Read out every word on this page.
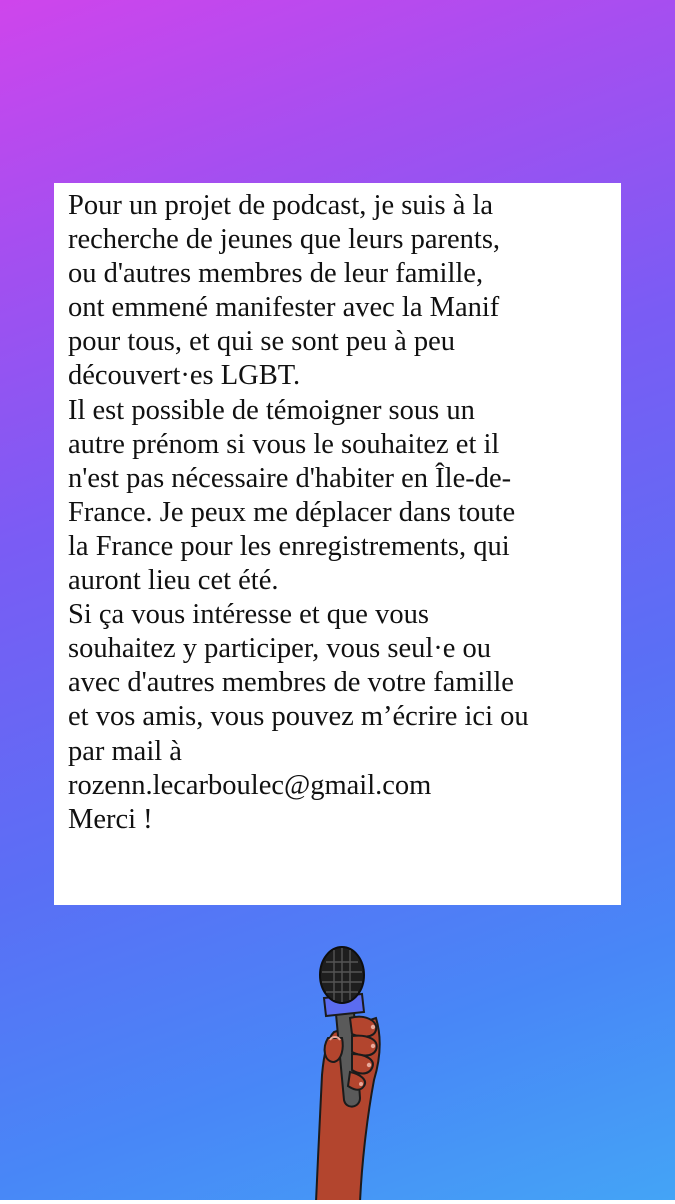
Pour un projet de podcast, je suis à la
recherche de jeunes que leurs parents,
ou d'autres membres de leur famille,
ont emmené manifester avec la Manif
pour tous, et qui se sont peu à peu
découvert·es LGBT.
Il est possible de témoigner sous un
autre prénom si vous le souhaitez et il
n'est pas nécessaire d'habiter en Île-de-
France. Je peux me déplacer dans toute
la France pour les enregistrements, qui
auront lieu cet été.
Si ça vous intéresse et que vous
souhaitez y participer, vous seul·e ou
avec d'autres membres de votre famille
et vos amis, vous pouvez m’écrire ici ou
par mail à
rozenn.lecarboulec@gmail.com
Merci !
